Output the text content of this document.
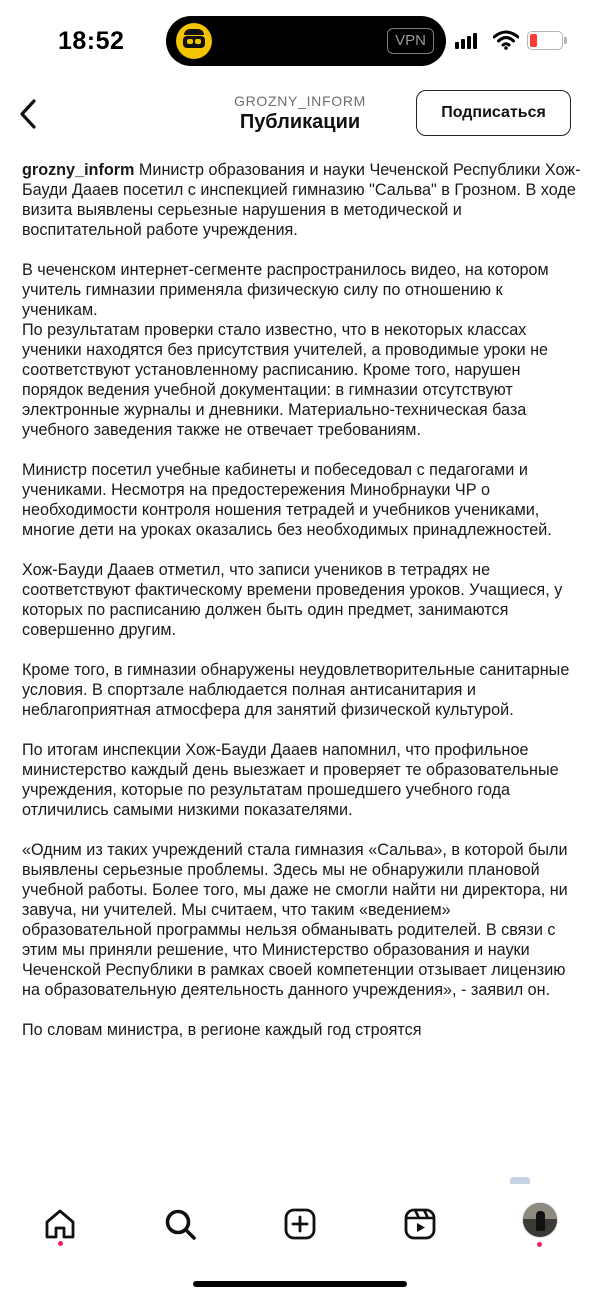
18:52	VPN
GROZNY_INFORM
Публикации	Подписаться

grozny_inform Министр образования и науки Чеченской Республики Хож-Бауди Даaев посетил с инспекцией гимназию "Сальва" в Грозном. В ходе визита выявлены серьезные нарушения в методической и воспитательной работе учреждения.

В чеченском интернет-сегменте распространилось видео, на котором учитель гимназии применяла физическую силу по отношению к ученикам.

По результатам проверки стало известно, что в некоторых классах ученики находятся без присутствия учителей, а проводимые уроки не соответствуют установленному расписанию. Кроме того, нарушен порядок ведения учебной документации: в гимназии отсутствуют электронные журналы и дневники. Материально-техническая база учебного заведения также не отвечает требованиям.

Министр посетил учебные кабинеты и побеседовал с педагогами и учениками. Несмотря на предостережения Минобрнауки ЧР о необходимости контроля ношения тетрадей и учебников учениками, многие дети на уроках оказались без необходимых принадлежностей.

Хож-Бауди Даaев отметил, что записи учеников в тетрадях не соответствуют фактическому времени проведения уроков. Учащиеся, у которых по расписанию должен быть один предмет, занимаются совершенно другим.

Кроме того, в гимназии обнаружены неудовлетворительные санитарные условия. В спортзале наблюдается полная антисанитария и неблагоприятная атмосфера для занятий физической культурой.

По итогам инспекции Хож-Бауди Даaев напомнил, что профильное министерство каждый день выезжает и проверяет те образовательные учреждения, которые по результатам прошедшего учебного года отличились самыми низкими показателями.

«Одним из таких учреждений стала гимназия «Сальва», в которой были выявлены серьезные проблемы. Здесь мы не обнаружили плановой учебной работы. Более того, мы даже не смогли найти ни директора, ни завуча, ни учителей. Мы считаем, что таким «ведением» образовательной программы нельзя обманывать родителей. В связи с этим мы приняли решение, что Министерство образования и науки Чеченской Республики в рамках своей компетенции отзывает лицензию на образовательную деятельность данного учреждения», - заявил он.

По словам министра, в регионе каждый год строятся
